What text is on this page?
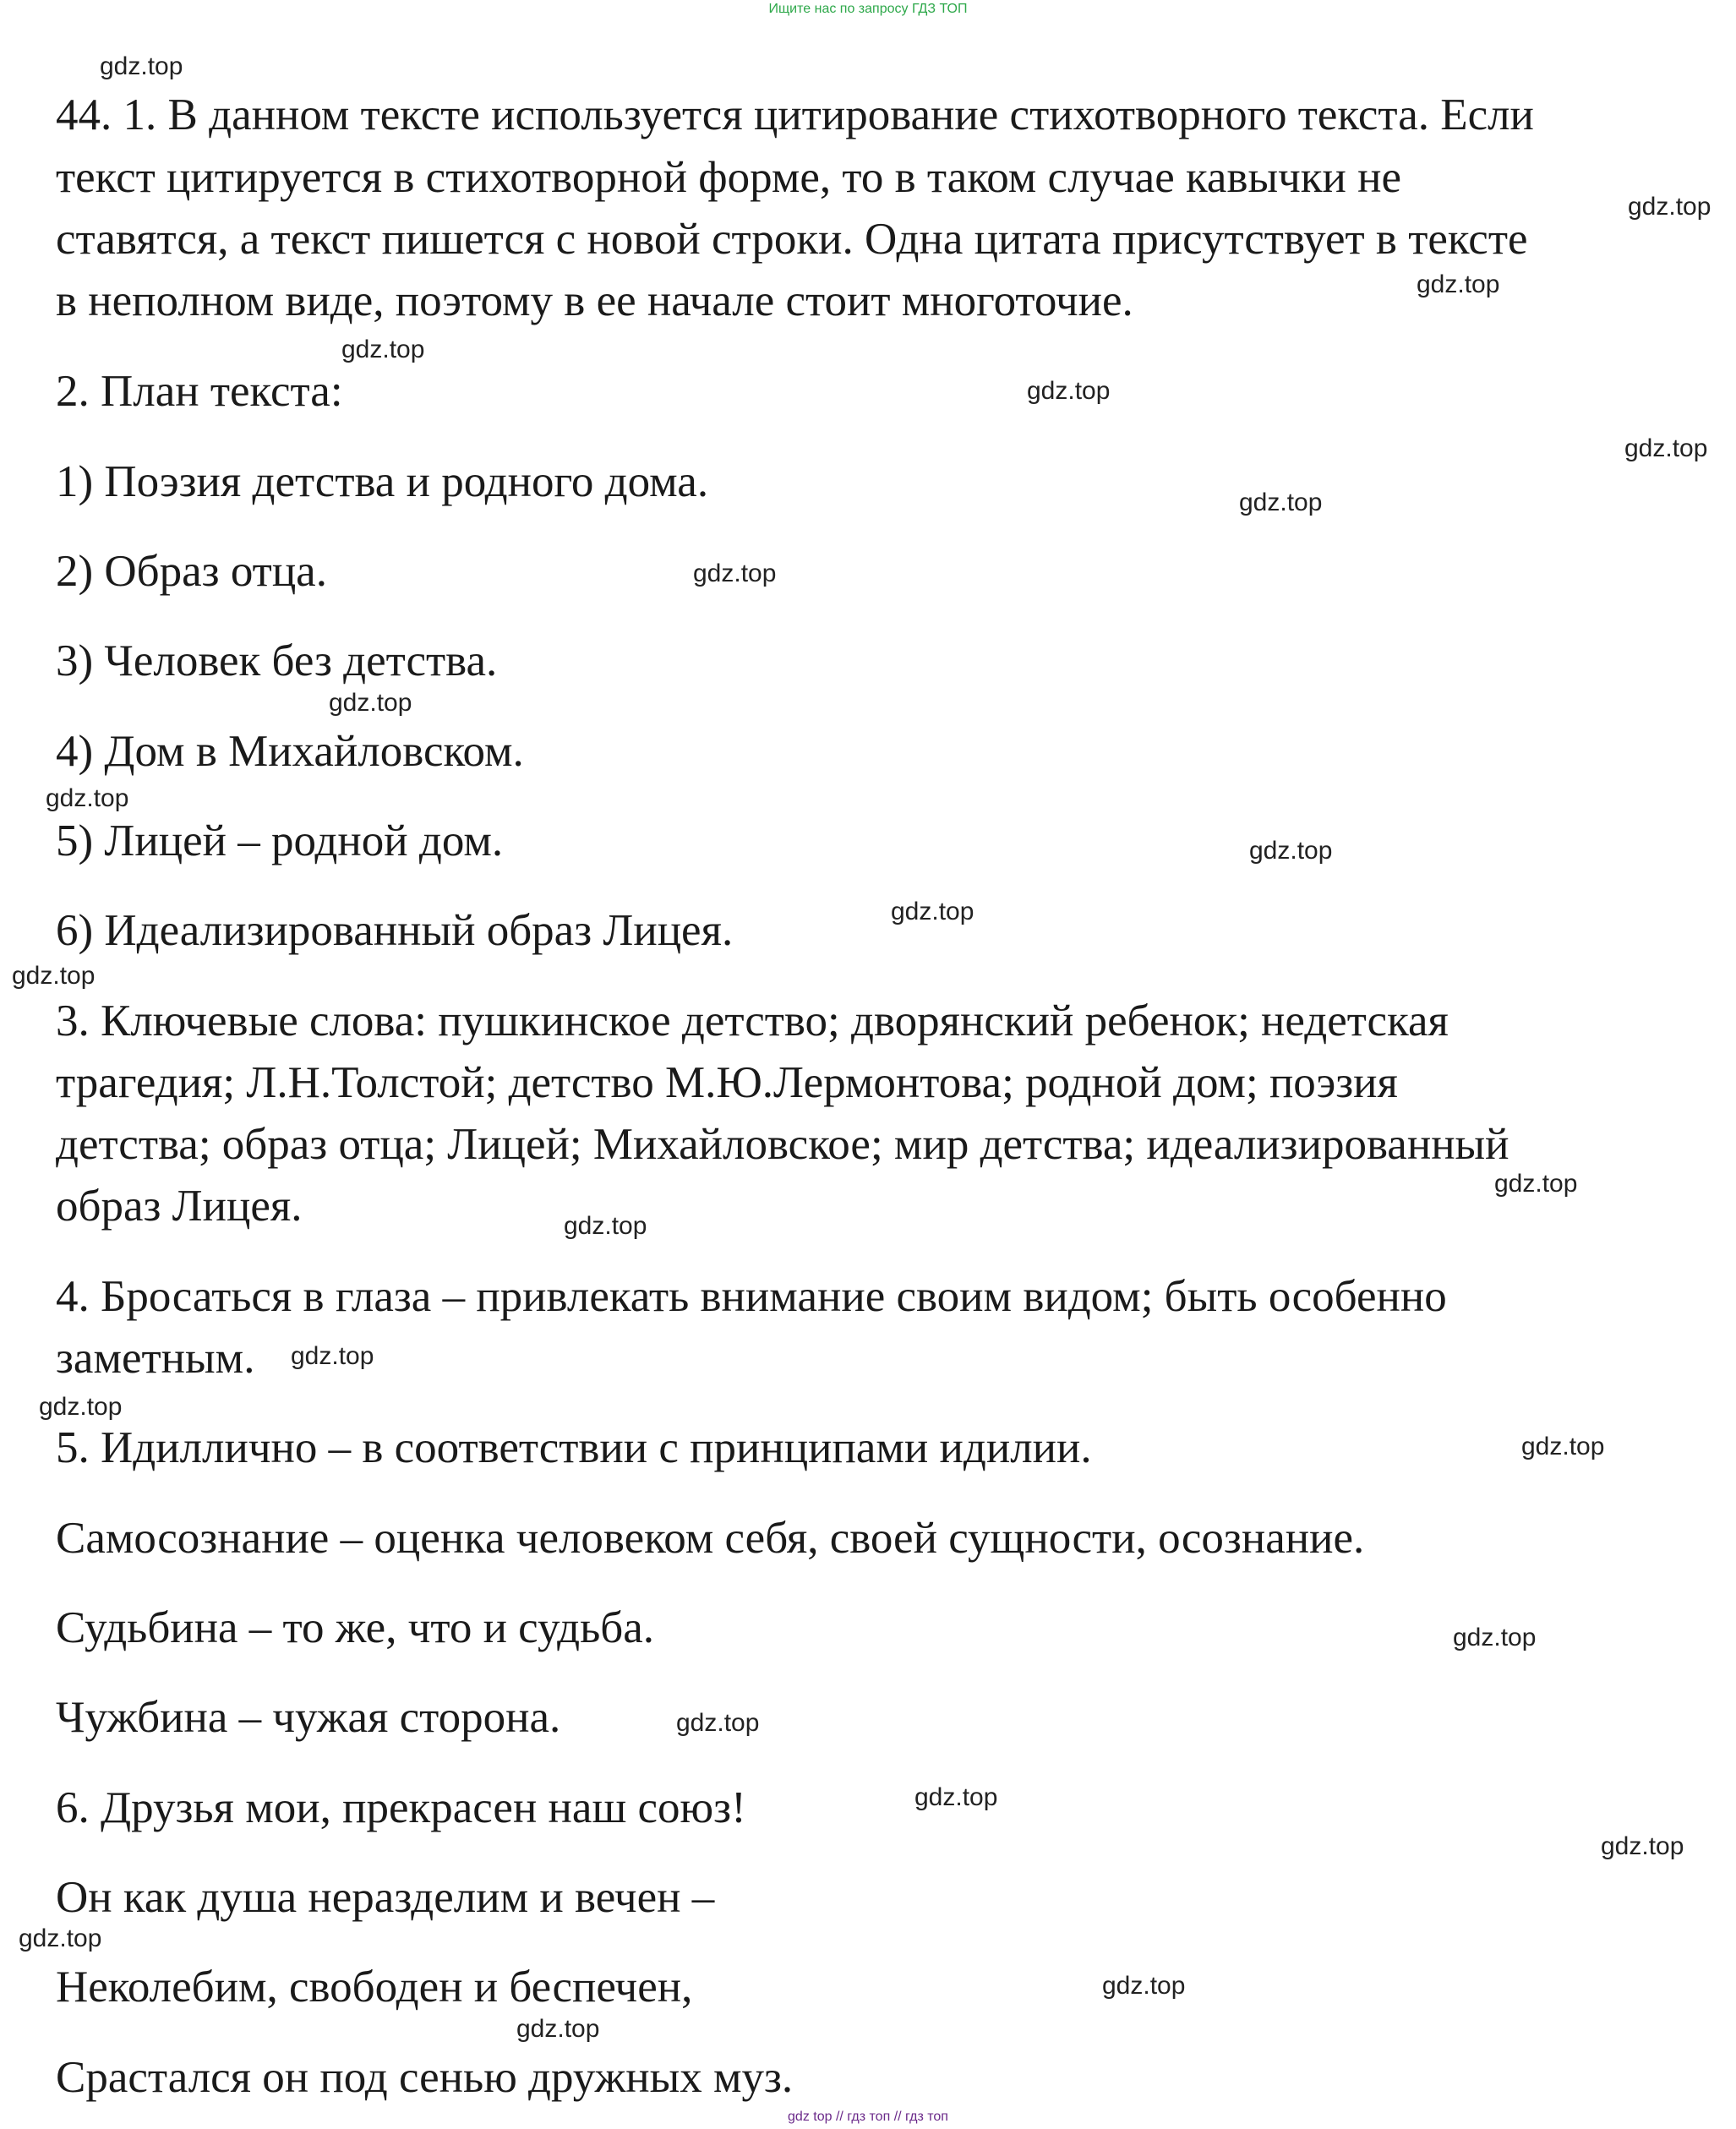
Ищите нас по запросу ГДЗ ТОП
44. 1. В данном тексте используется цитирование стихотворного текста. Если
текст цитируется в стихотворной форме, то в таком случае кавычки не
ставятся, а текст пишется с новой строки. Одна цитата присутствует в тексте
в неполном виде, поэтому в ее начале стоит многоточие.
2. План текста:
1) Поэзия детства и родного дома.
2) Образ отца.
3) Человек без детства.
4) Дом в Михайловском.
5) Лицей – родной дом.
6) Идеализированный образ Лицея.
3. Ключевые слова: пушкинское детство; дворянский ребенок; недетская
трагедия; Л.Н.Толстой; детство М.Ю.Лермонтова; родной дом; поэзия
детства; образ отца; Лицей; Михайловское; мир детства; идеализированный
образ Лицея.
4. Бросаться в глаза – привлекать внимание своим видом; быть особенно
заметным.
5. Идиллично – в соответствии с принципами идилии.
Самосознание – оценка человеком себя, своей сущности, осознание.
Судьбина – то же, что и судьба.
Чужбина – чужая сторона.
6. Друзья мои, прекрасен наш союз!
Он как душа неразделим и вечен –
Неколебим, свободен и беспечен,
Срастался он под сенью дружных муз.
gdz.top
gdz.top
gdz.top
gdz.top
gdz.top
gdz.top
gdz.top
gdz.top
gdz.top
gdz.top
gdz.top
gdz.top
gdz.top
gdz.top
gdz.top
gdz.top
gdz.top
gdz.top
gdz.top
gdz.top
gdz.top
gdz.top
gdz.top
gdz.top
gdz.top
gdz top // гдз топ // гдз топ
